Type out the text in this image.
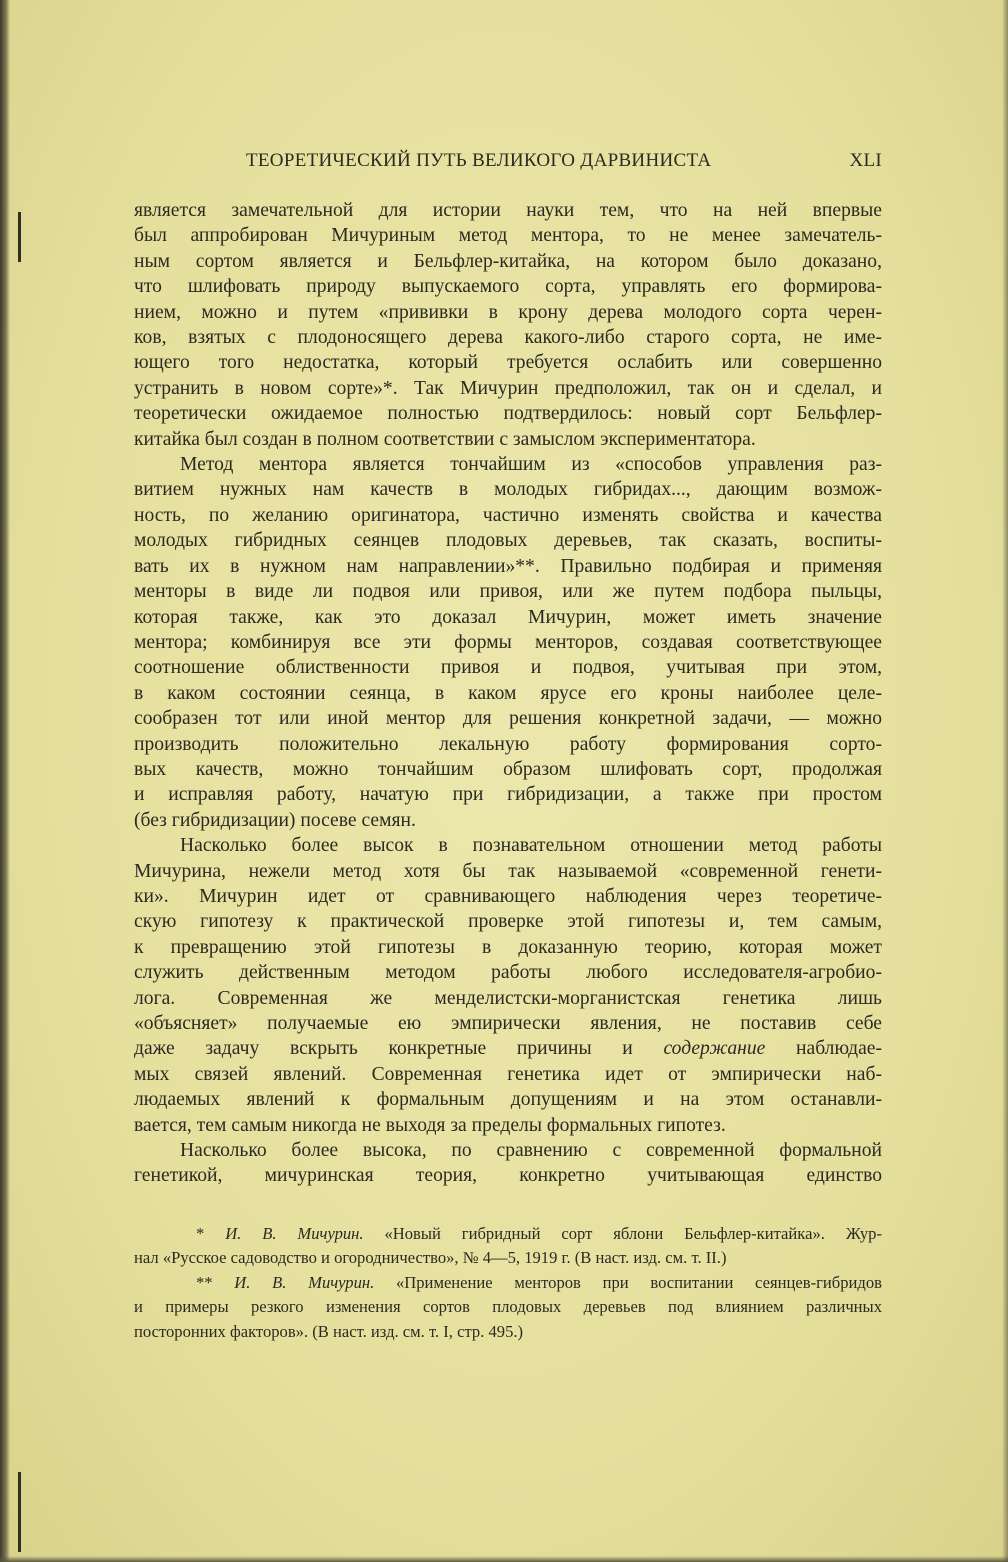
ТЕОРЕТИЧЕСКИЙ ПУТЬ ВЕЛИКОГО ДАРВИНИСТА	XLI

является замечательной для истории науки тем, что на ней впервые

был аппробирован Мичуриным метод ментора, то не менее замечатель-

ным сортом является и Бельфлер-китайка, на котором было доказано,

что шлифовать природу выпускаемого сорта, управлять его формирова-

нием, можно и путем «прививки в крону дерева молодого сорта черен-

ков, взятых с плодоносящего дерева какого-либо старого сорта, не име-

ющего того недостатка, который требуется ослабить или совершенно

устранить в новом сорте»*. Так Мичурин предположил, так он и сделал, и

теоретически ожидаемое полностью подтвердилось: новый сорт Бельфлер-

китайка был создан в полном соответствии с замыслом экспериментатора.

Метод ментора является тончайшим из «способов управления раз-

витием нужных нам качеств в молодых гибридах..., дающим возмож-

ность, по желанию оригинатора, частично изменять свойства и качества

молодых гибридных сеянцев плодовых деревьев, так сказать, воспиты-

вать их в нужном нам направлении»**. Правильно подбирая и применяя

менторы в виде ли подвоя или привоя, или же путем подбора пыльцы,

которая также, как это доказал Мичурин, может иметь значение

ментора; комбинируя все эти формы менторов, создавая соответствующее

соотношение облиственности привоя и подвоя, учитывая при этом,

в каком состоянии сеянца, в каком ярусе его кроны наиболее целе-

сообразен тот или иной ментор для решения конкретной задачи, — можно

производить положительно лекальную работу формирования сорто-

вых качеств, можно тончайшим образом шлифовать сорт, продолжая

и исправляя работу, начатую при гибридизации, а также при простом

(без гибридизации) посеве семян.

Насколько более высок в познавательном отношении метод работы

Мичурина, нежели метод хотя бы так называемой «современной генети-

ки». Мичурин идет от сравнивающего наблюдения через теоретиче-

скую гипотезу к практической проверке этой гипотезы и, тем самым,

к превращению этой гипотезы в доказанную теорию, которая может

служить действенным методом работы любого исследователя-агробио-

лога. Современная же менделистски-морганистская генетика лишь

«объясняет» получаемые ею эмпирически явления, не поставив себе

даже задачу вскрыть конкретные причины и содержание наблюдае-

мых связей явлений. Современная генетика идет от эмпирически наб-

людаемых явлений к формальным допущениям и на этом останавли-

вается, тем самым никогда не выходя за пределы формальных гипотез.

Насколько более высока, по сравнению с современной формальной

генетикой, мичуринская теория, конкретно учитывающая единство

* И. В. Мичурин. «Новый гибридный сорт яблони Бельфлер-китайка». Жур-

нал «Русское садоводство и огородничество», № 4—5, 1919 г. (В наст. изд. см. т. II.)

** И. В. Мичурин. «Применение менторов при воспитании сеянцев-гибридов

и примеры резкого изменения сортов плодовых деревьев под влиянием различных

посторонних факторов». (В наст. изд. см. т. I, стр. 495.)
